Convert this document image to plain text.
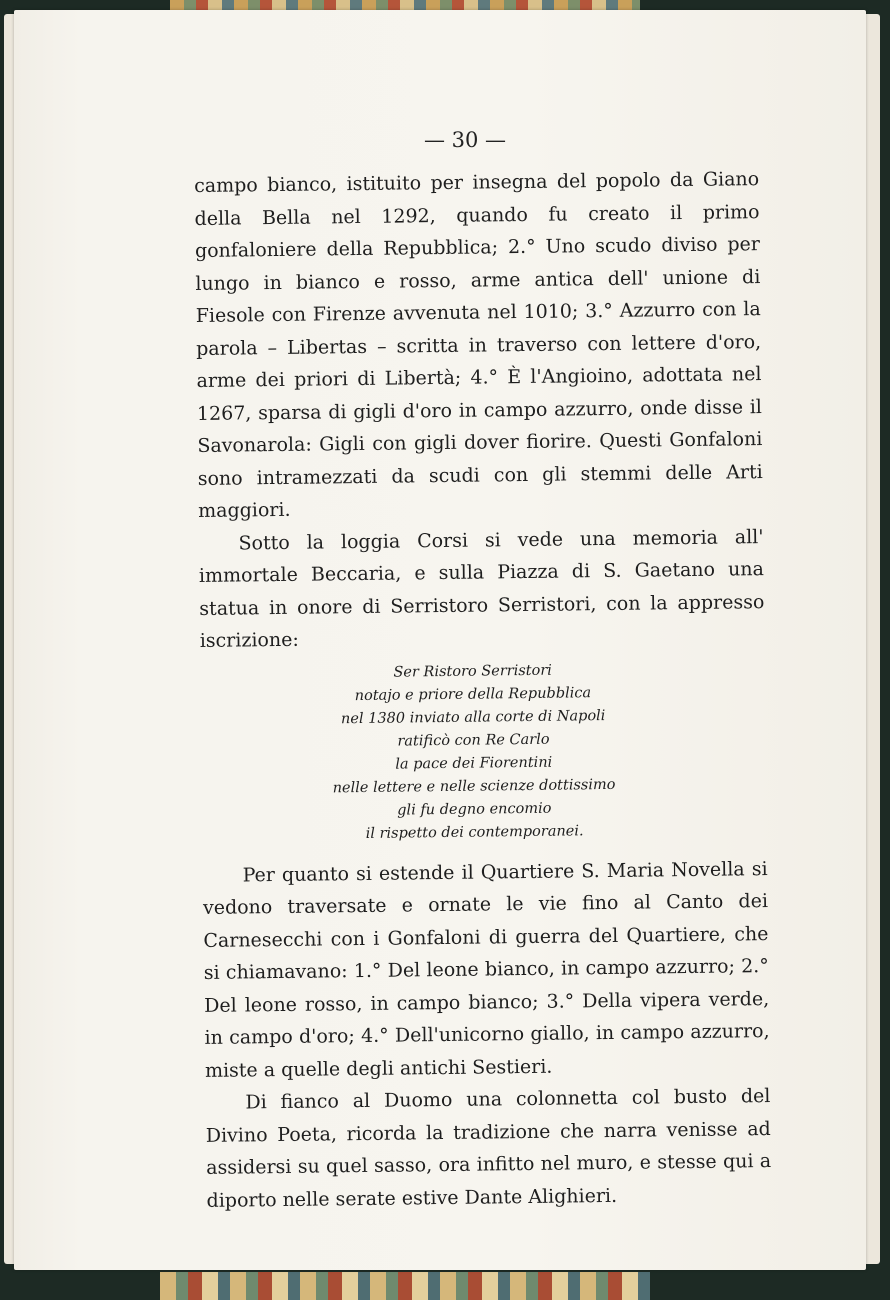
— 30 —

campo bianco, istituito per insegna del popolo da Giano della Bella nel 1292, quando fu creato il primo gonfaloniere della Repubblica; 2.° Uno scudo diviso per lungo in bianco e rosso, arme antica dell' unione di Fiesole con Firenze avvenuta nel 1010; 3.° Azzurro con la parola – Libertas – scritta in traverso con lettere d'oro, arme dei priori di Libertà; 4.° È l'Angioino, adottata nel 1267, sparsa di gigli d'oro in campo azzurro, onde disse il Savonarola: Gigli con gigli dover fiorire. Questi Gonfaloni sono intramezzati da scudi con gli stemmi delle Arti maggiori.

Sotto la loggia Corsi si vede una memoria all' immortale Beccaria, e sulla Piazza di S. Gaetano una statua in onore di Serristoro Serristori, con la appresso iscrizione:

Ser Ristoro Serristori
notajo e priore della Repubblica
nel 1380 inviato alla corte di Napoli
ratificò con Re Carlo
la pace dei Fiorentini
nelle lettere e nelle scienze dottissimo
gli fu degno encomio
il rispetto dei contemporanei.

Per quanto si estende il Quartiere S. Maria Novella si vedono traversate e ornate le vie fino al Canto dei Carnesecchi con i Gonfaloni di guerra del Quartiere, che si chiamavano: 1.° Del leone bianco, in campo azzurro; 2.° Del leone rosso, in campo bianco; 3.° Della vipera verde, in campo d'oro; 4.° Dell'unicorno giallo, in campo azzurro, miste a quelle degli antichi Sestieri.

Di fianco al Duomo una colonnetta col busto del Divino Poeta, ricorda la tradizione che narra venisse ad assidersi su quel sasso, ora infitto nel muro, e stesse qui a diporto nelle serate estive Dante Alighieri.
